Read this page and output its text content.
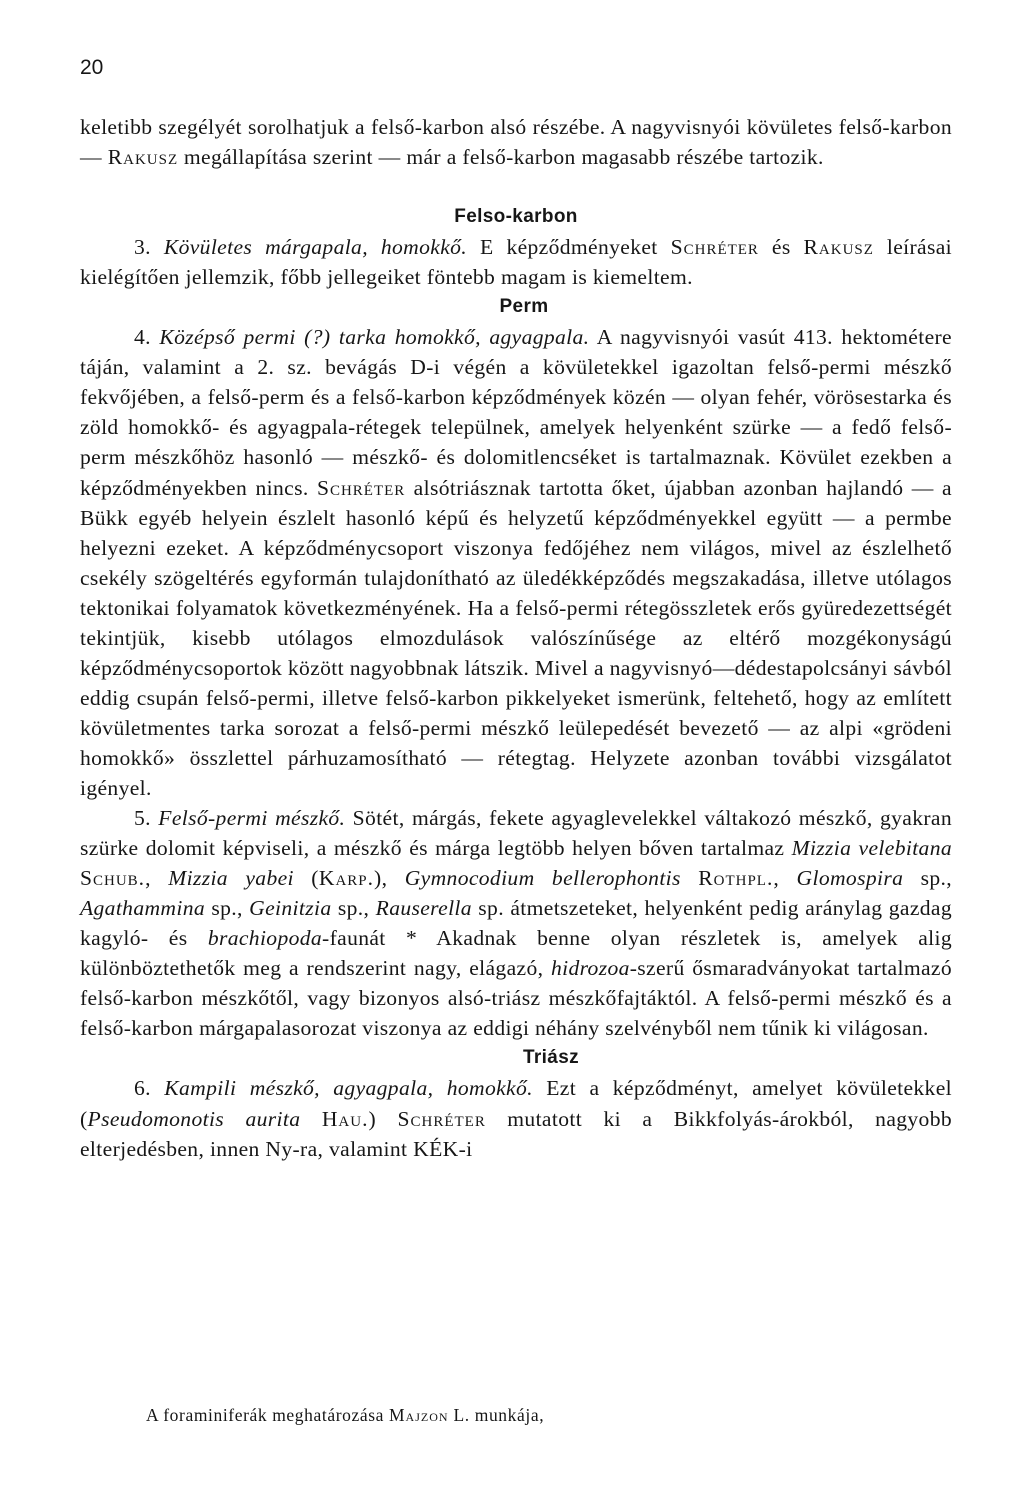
20

keletibb szegélyét sorolhatjuk a felső-karbon alsó részébe. A nagyvisnyói kövületes felső-karbon — Rakusz megállapítása szerint — már a felső-karbon magasabb részébe tartozik.

Felso-karbon

3. Kövületes márgapala, homokkő. E képződményeket Schréter és Rakusz leírásai kielégítően jellemzik, főbb jellegeiket föntebb magam is kiemeltem.

Perm

4. Középső permi (?) tarka homokkő, agyagpala. A nagyvisnyói vasút 413. hektométere táján, valamint a 2. sz. bevágás D-i végén a kövületekkel igazoltan felső-permi mészkő fekvőjében, a felső-perm és a felső-karbon képződmények közén — olyan fehér, vörösestarka és zöld homokkő- és agyagpala-rétegek települnek, amelyek helyenként szürke — a fedő felső-perm mészkőhöz hasonló — mészkő- és dolomitlencséket is tartalmaznak. Kövület ezekben a képződményekben nincs. Schréter alsótriásznak tartotta őket, újabban azonban hajlandó — a Bükk egyéb helyein észlelt hasonló képű és helyzetű képződményekkel együtt — a permbe helyezni ezeket. A képződménycsoport viszonya fedőjéhez nem világos, mivel az észlelhető csekély szögeltérés egyformán tulajdonítható az üledékképződés megszakadása, illetve utólagos tektonikai folyamatok következményének. Ha a felső-permi rétegösszletek erős gyüredezettségét tekintjük, kisebb utólagos elmozdulások valószínűsége az eltérő mozgékonyságú képződménycsoportok között nagyobbnak látszik. Mivel a nagyvisnyó—dédestapolcsányi sávból eddig csupán felső-permi, illetve felső-karbon pikkelyeket ismerünk, feltehető, hogy az említett kövületmentes tarka sorozat a felső-permi mészkő leülepedését bevezető — az alpi «grödeni homokkő» összlettel párhuzamosítható — rétegtag. Helyzete azonban további vizsgálatot igényel.

5. Felső-permi mészkő. Sötét, márgás, fekete agyaglevelekkel váltakozó mészkő, gyakran szürke dolomit képviseli, a mészkő és márga legtöbb helyen bőven tartalmaz Mizzia velebitana Schub., Mizzia yabei (Karp.), Gymnocodium bellerophontis Rothpl., Glomospira sp., Agathammina sp., Geinitzia sp., Rauserella sp. átmetszeteket, helyenként pedig aránylag gazdag kagyló- és brachiopoda-faunát * Akadnak benne olyan részletek is, amelyek alig különböztethetők meg a rendszerint nagy, elágazó, hidrozoa-szerű ősmaradványokat tartalmazó felső-karbon mészkőtől, vagy bizonyos alsó-triász mészkőfajtáktól. A felső-permi mészkő és a felső-karbon márgapalasorozat viszonya az eddigi néhány szelvényből nem tűnik ki világosan.

Triász

6. Kampili mészkő, agyagpala, homokkő. Ezt a képződményt, amelyet kövületekkel (Pseudomonotis aurita Hau.) Schréter mutatott ki a Bikkfolyás-árokból, nagyobb elterjedésben, innen Ny-ra, valamint KÉK-i

A foraminiferák meghatározása Majzon L. munkája,
